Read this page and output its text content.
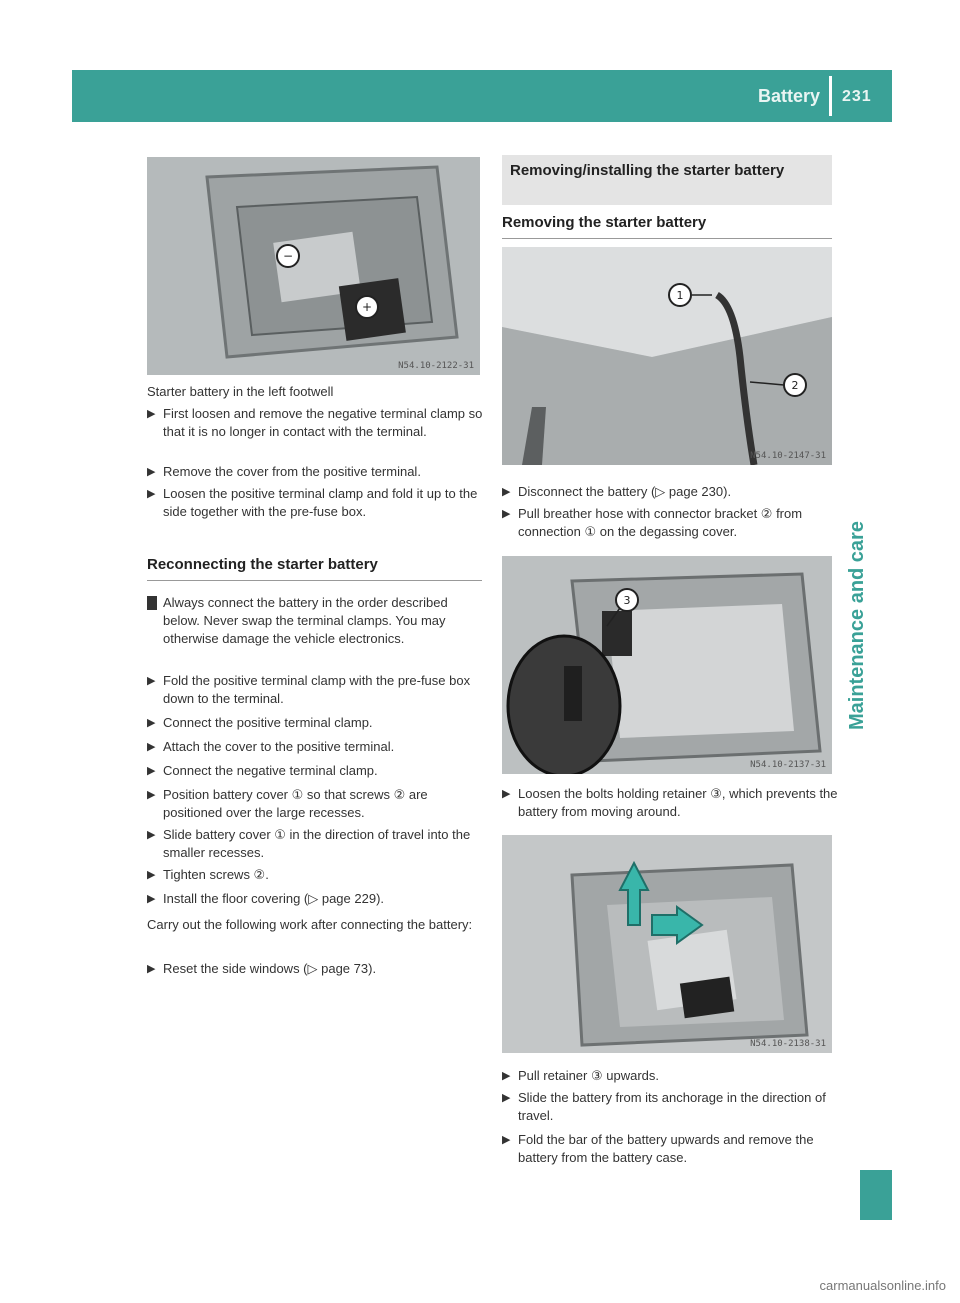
Battery 231
Maintenance and care
−
+
N54.10-2122-31
Starter battery in the left footwell
▶ First loosen and remove the negative terminal clamp so that it is no longer in contact with the terminal.
▶ Remove the cover from the positive terminal.
▶ Loosen the positive terminal clamp and fold it up to the side together with the pre-fuse box.
Reconnecting the starter battery
Always connect the battery in the order described below. Never swap the terminal clamps. You may otherwise damage the vehicle electronics.
▶ Fold the positive terminal clamp with the pre-fuse box down to the terminal.
▶ Connect the positive terminal clamp.
▶ Attach the cover to the positive terminal.
▶ Connect the negative terminal clamp.
▶ Position battery cover ① so that screws ② are positioned over the large recesses.
▶ Slide battery cover ① in the direction of travel into the smaller recesses.
▶ Tighten screws ②.
▶ Install the floor covering (▷ page 229).
Carry out the following work after connecting the battery:
▶ Reset the side windows (▷ page 73).
Removing/installing the starter battery
Removing the starter battery
1
2
N54.10-2147-31
▶ Disconnect the battery (▷ page 230).
▶ Pull breather hose with connector bracket ② from connection ① on the degassing cover.
3
N54.10-2137-31
▶ Loosen the bolts holding retainer ③, which prevents the battery from moving around.
N54.10-2138-31
▶ Pull retainer ③ upwards.
▶ Slide the battery from its anchorage in the direction of travel.
▶ Fold the bar of the battery upwards and remove the battery from the battery case.
carmanualsonline.info
